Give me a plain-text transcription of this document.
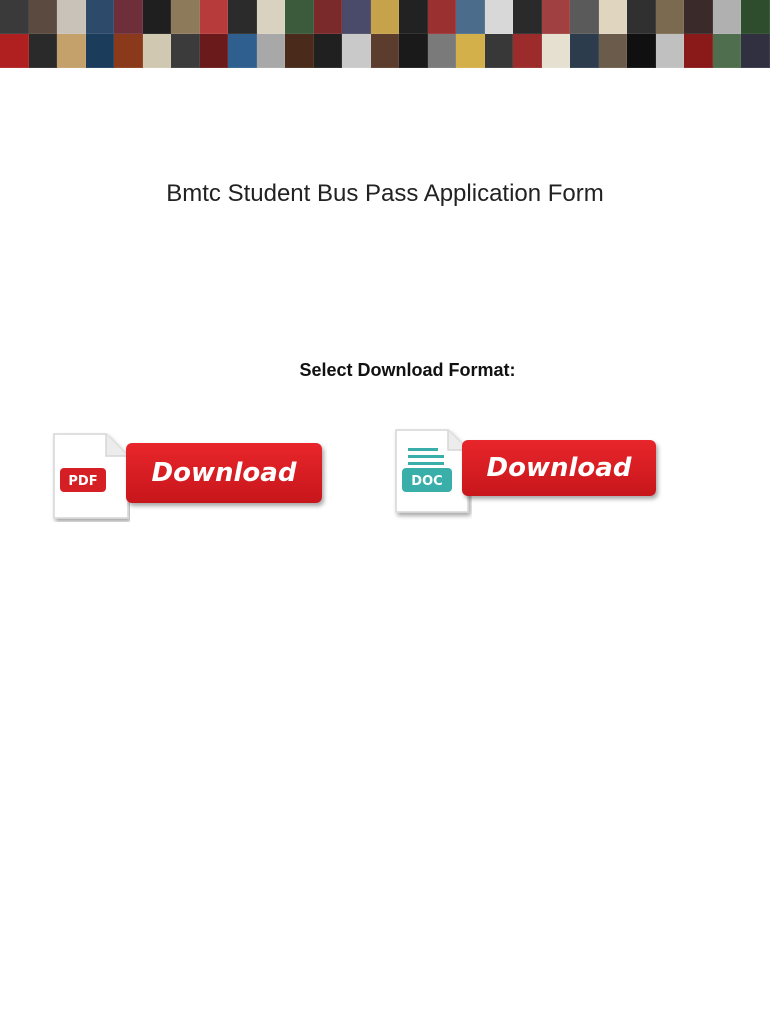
Bmtc Student Bus Pass Application Form
Select Download Format:
PDF	Download	DOC	Download
